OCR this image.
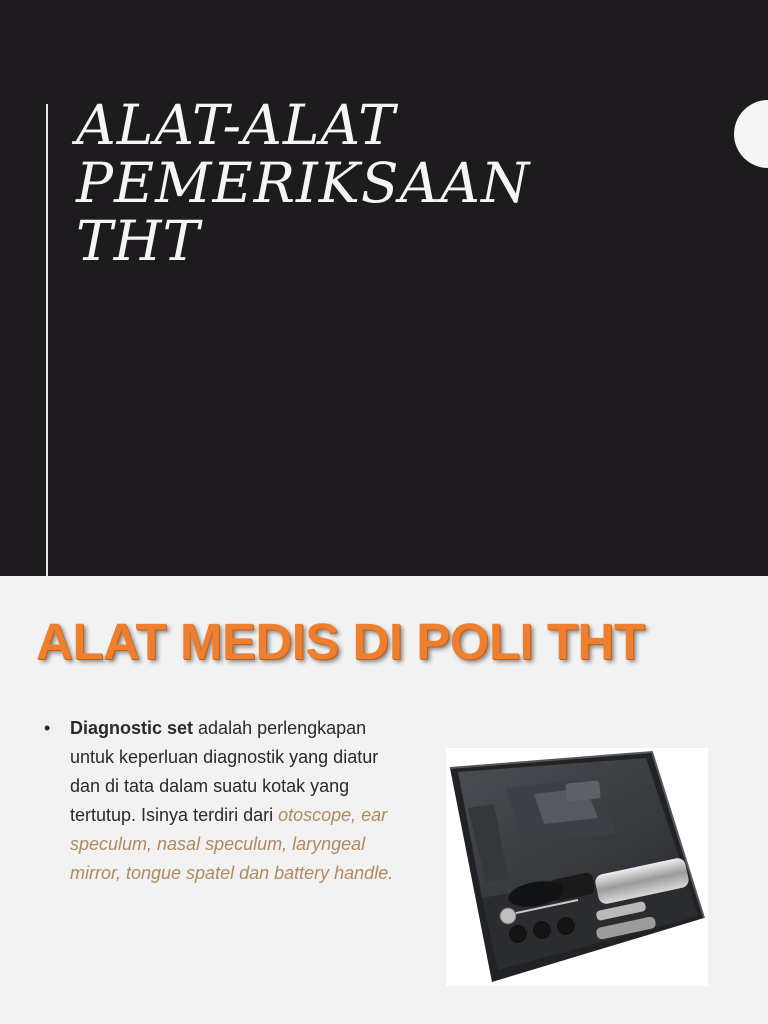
ALAT-ALAT
PEMERIKSAAN
THT
ALAT MEDIS DI POLI THT
• Diagnostic set adalah perlengkapan untuk keperluan diagnostik yang diatur dan di tata dalam suatu kotak yang tertutup. Isinya terdiri dari otoscope, ear speculum, nasal speculum, laryngeal mirror, tongue spatel dan battery handle.
